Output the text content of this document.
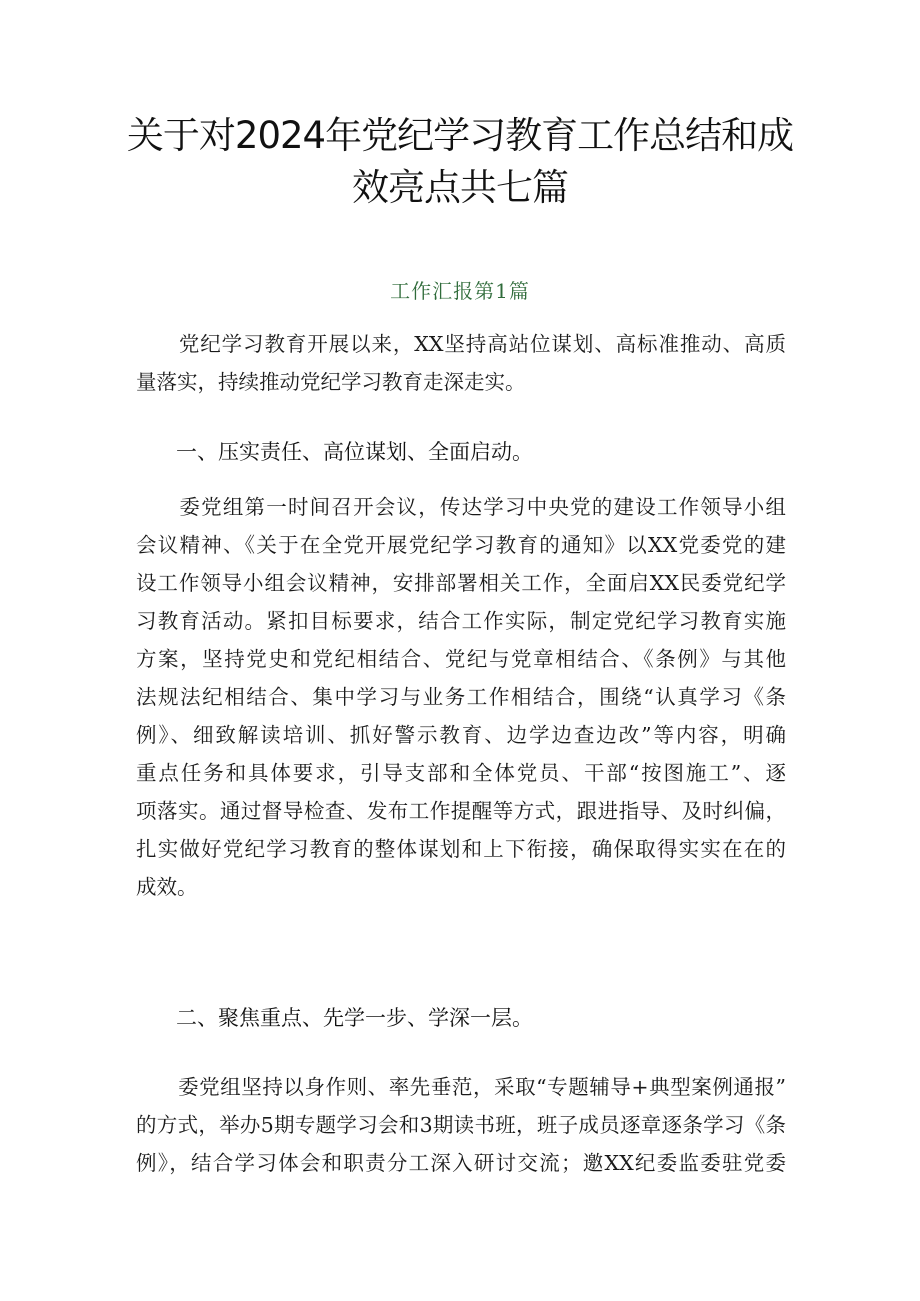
关于对2024年党纪学习教育工作总结和成
效亮点共七篇
工作汇报第1篇
　　党纪学习教育开展以来，XX坚持高站位谋划、高标准推动、高质
量落实，持续推动党纪学习教育走深走实。
一、压实责任、高位谋划、全面启动。
　　委党组第一时间召开会议，传达学习中央党的建设工作领导小组
会议精神、《关于在全党开展党纪学习教育的通知》以XX党委党的建
设工作领导小组会议精神，安排部署相关工作，全面启XX民委党纪学
习教育活动。紧扣目标要求，结合工作实际，制定党纪学习教育实施
方案，坚持党史和党纪相结合、党纪与党章相结合、《条例》与其他
法规法纪相结合、集中学习与业务工作相结合，围绕“认真学习《条
例》、细致解读培训、抓好警示教育、边学边查边改”等内容，明确
重点任务和具体要求，引导支部和全体党员、干部“按图施工”、逐
项落实。通过督导检查、发布工作提醒等方式，跟进指导、及时纠偏，
扎实做好党纪学习教育的整体谋划和上下衔接，确保取得实实在在的
成效。
二、聚焦重点、先学一步、学深一层。
　　委党组坚持以身作则、率先垂范，采取“专题辅导+典型案例通报”
的方式，举办5期专题学习会和3期读书班，班子成员逐章逐条学习《条
例》，结合学习体会和职责分工深入研讨交流；邀XX纪委监委驻党委
